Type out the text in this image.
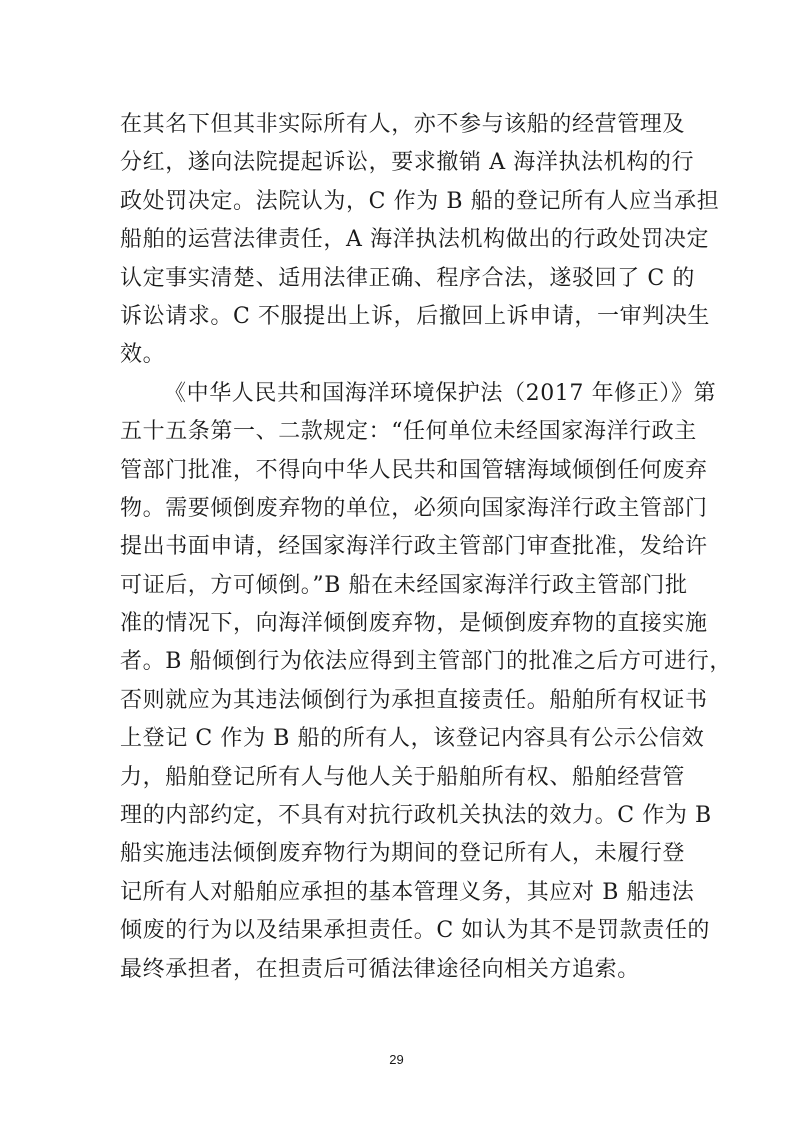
在其名下但其非实际所有人，亦不参与该船的经营管理及
分红，遂向法院提起诉讼，要求撤销 A 海洋执法机构的行
政处罚决定。法院认为，C 作为 B 船的登记所有人应当承担
船舶的运营法律责任，A 海洋执法机构做出的行政处罚决定
认定事实清楚、适用法律正确、程序合法，遂驳回了 C 的
诉讼请求。C 不服提出上诉，后撤回上诉申请，一审判决生
效。
《中华人民共和国海洋环境保护法（2017 年修正）》第
五十五条第一、二款规定：“任何单位未经国家海洋行政主
管部门批准，不得向中华人民共和国管辖海域倾倒任何废弃
物。需要倾倒废弃物的单位，必须向国家海洋行政主管部门
提出书面申请，经国家海洋行政主管部门审查批准，发给许
可证后，方可倾倒。”B 船在未经国家海洋行政主管部门批
准的情况下，向海洋倾倒废弃物，是倾倒废弃物的直接实施
者。B 船倾倒行为依法应得到主管部门的批准之后方可进行，
否则就应为其违法倾倒行为承担直接责任。船舶所有权证书
上登记 C 作为 B 船的所有人，该登记内容具有公示公信效
力，船舶登记所有人与他人关于船舶所有权、船舶经营管
理的内部约定，不具有对抗行政机关执法的效力。C 作为 B
船实施违法倾倒废弃物行为期间的登记所有人，未履行登
记所有人对船舶应承担的基本管理义务，其应对 B 船违法
倾废的行为以及结果承担责任。C 如认为其不是罚款责任的
最终承担者，在担责后可循法律途径向相关方追索。
29
